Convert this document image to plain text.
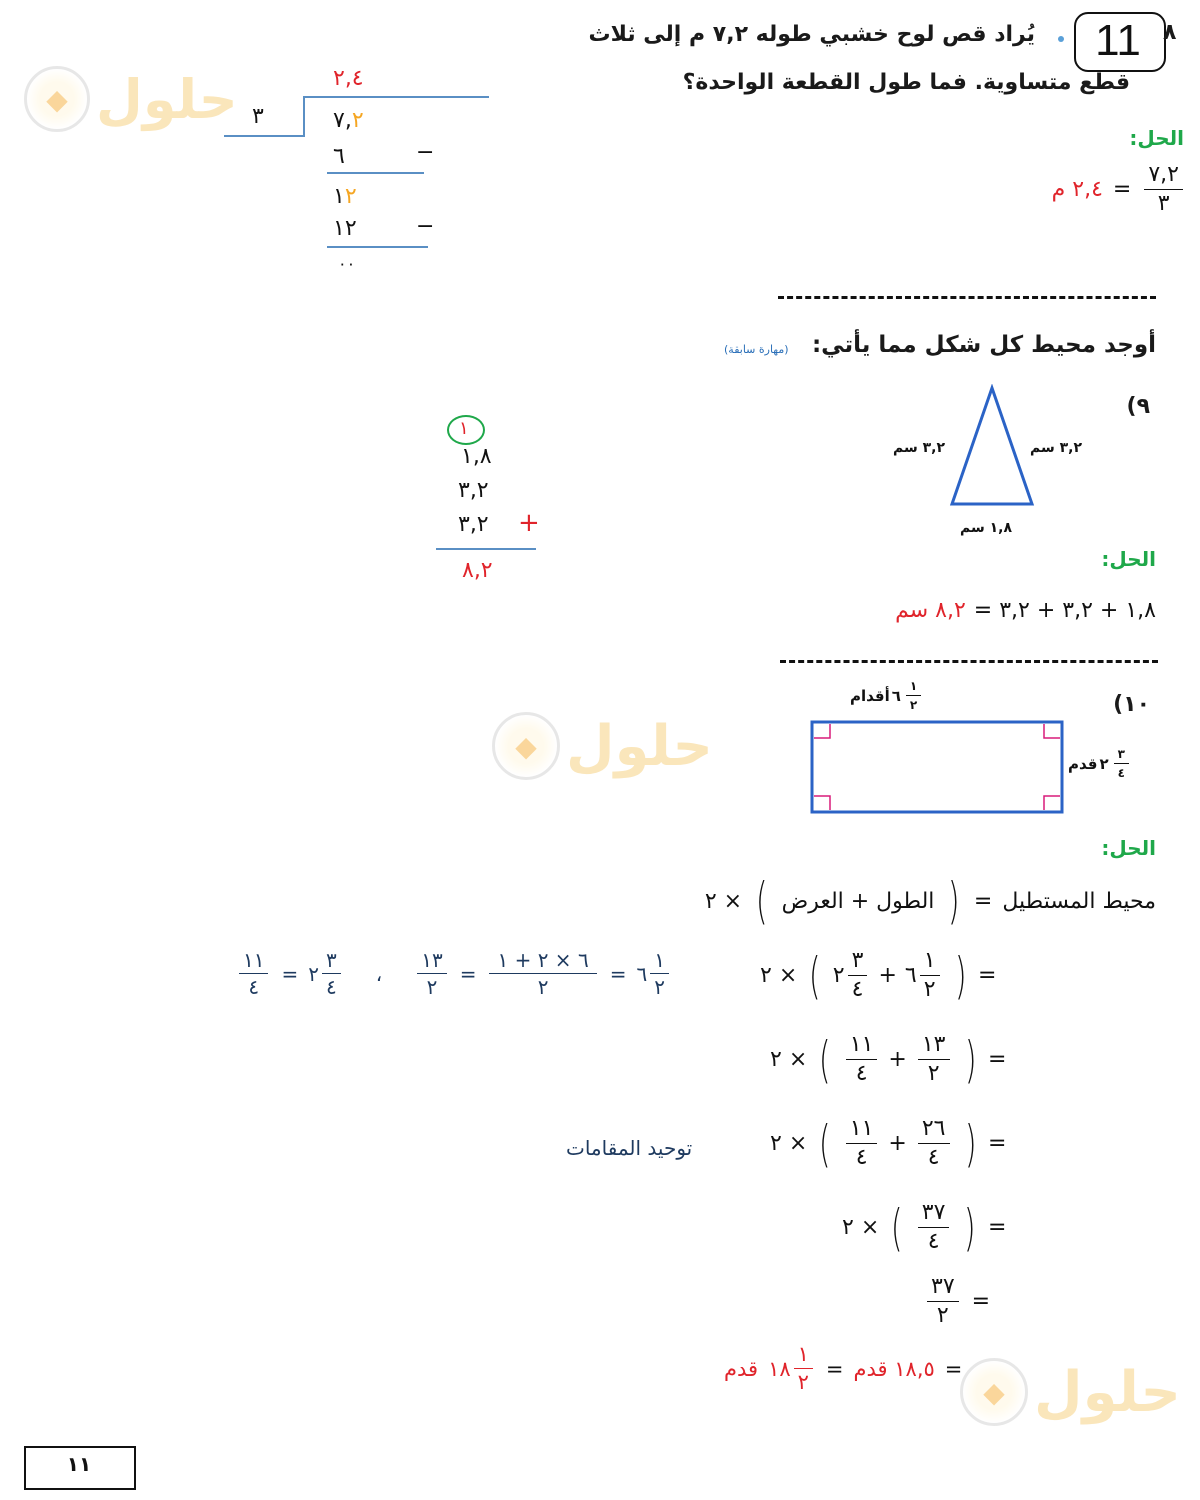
11	٨
يُراد قص لوح خشبي طوله ٧,٢ م إلى ثلاث
قطع متساوية. فما طول القطعة الواحدة؟
الحل:
٢,٤ م = $\frac{٧,٢}{٣}$
٢,٤
٣	٧,٢
٦	−
١٢
١٢	−
٠٠
أوجد محيط كل شكل مما يأتي:
(مهارة سابقة)
(٩
٣,٢ سم	٣,٢ سم
١,٨ سم
الحل:
٨,٢ سم ١,٨ + ٣,٢ + ٣,٢ =
١
١,٨
٣,٢
٣,٢ +
٨,٢
(١٠
أقدام ٦ $\frac{١}{٢}$
قدم ٢ $\frac{٣}{٤}$
الحل:
× ٢ ( الطول + العرض ) = محيط المستطيل
٢ × ( ٢ $\frac{٣}{٤}$ + ٦ $\frac{١}{٢}$ ) =
$\frac{١١}{٤}$ = ٢ $\frac{٣}{٤}$ ، $\frac{١٣}{٢} = \frac{٦ \times ٢ + ١}{٢}$ = ٦ $\frac{١}{٢}$
٢ × ( $\frac{١١}{٤} + \frac{١٣}{٢}$ ) =
٢ × ( $\frac{١١}{٤} + \frac{٢٦}{٤}$ ) =
توحيد المقامات
٢ × ( $\frac{٣٧}{٤}$ ) =
$\frac{٣٧}{٢}$ =
قدم ١٨ $\frac{١}{٢}$ = ١٨,٥ قدم =
◆ حلول
◆ حلول
◆ حلول
١١
